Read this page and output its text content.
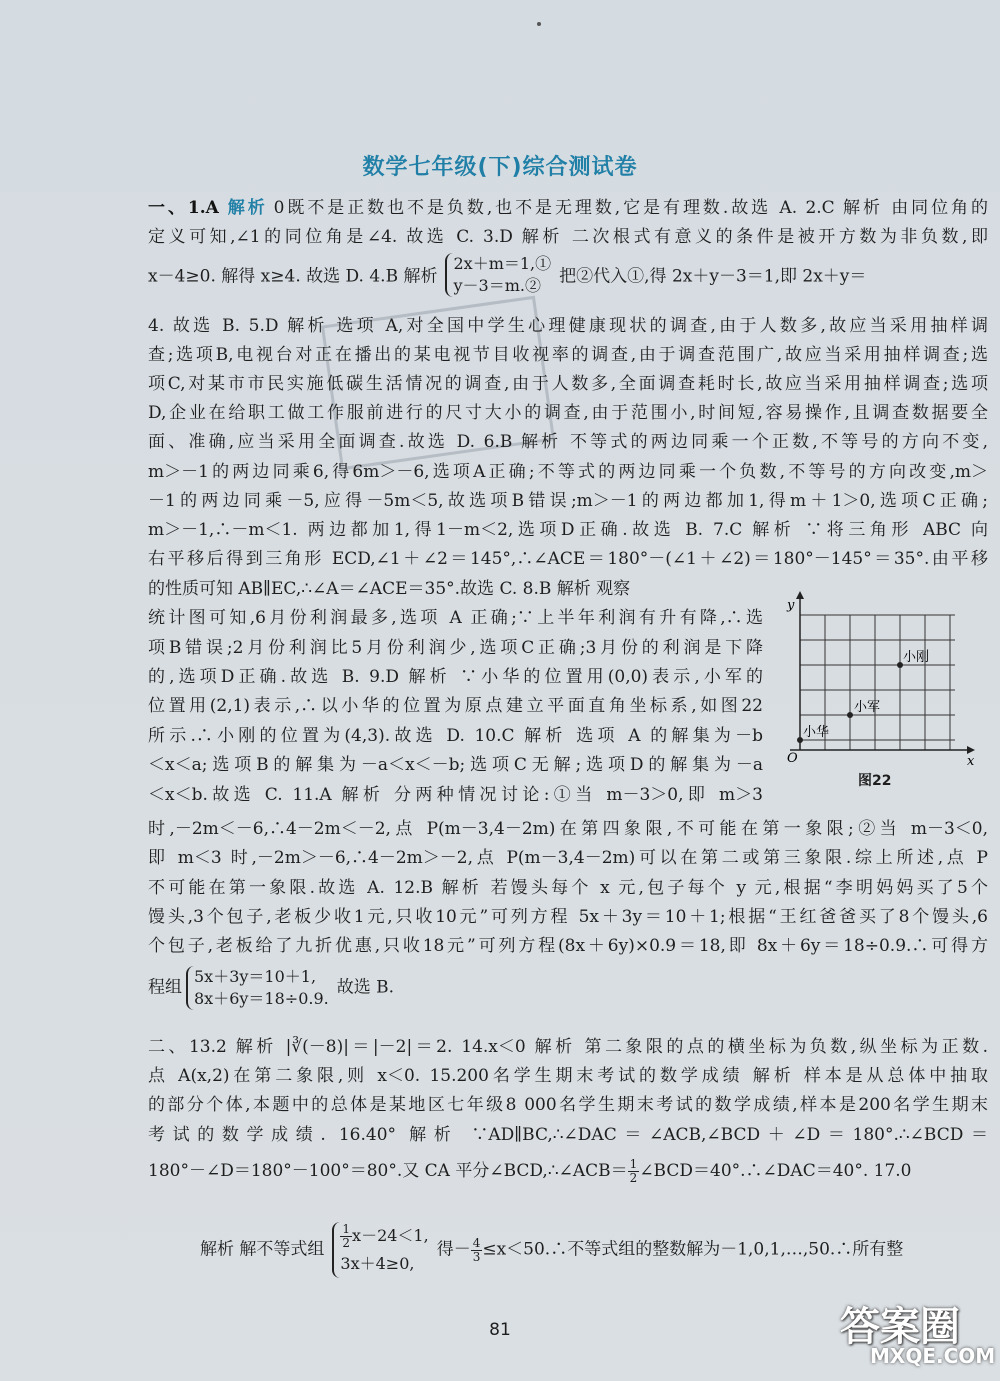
数学七年级(下)综合测试卷
一、1.A 解析 0既不是正数也不是负数,也不是无理数,它是有理数.故选 A. 2.C 解析 由同位角的
定义可知,∠1的同位角是∠4. 故选 C. 3.D 解析 二次根式有意义的条件是被开方数为非负数,即
x－4≥0. 解得 x≥4. 故选 D. 4.B 解析
2x＋m＝1,①
y－3＝m.②	把②代入①,得 2x＋y－3＝1,即 2x＋y＝
4. 故选 B. 5.D 解析 选项 A,对全国中学生心理健康现状的调查,由于人数多,故应当采用抽样调
查;选项B,电视台对正在播出的某电视节目收视率的调查,由于调查范围广,故应当采用抽样调查;选
项C,对某市市民实施低碳生活情况的调查,由于人数多,全面调查耗时长,故应当采用抽样调查;选项
D,企业在给职工做工作服前进行的尺寸大小的调查,由于范围小,时间短,容易操作,且调查数据要全
面、准确,应当采用全面调查.故选 D. 6.B 解析 不等式的两边同乘一个正数,不等号的方向不变,
m＞－1的两边同乘6,得6m＞－6,选项A正确;不等式的两边同乘一个负数,不等号的方向改变,m＞
－1的两边同乘－5,应得－5m＜5,故选项B错误;m＞－1的两边都加1,得m＋1＞0,选项C正确;
m＞－1,∴－m＜1. 两边都加1,得1－m＜2,选项D正确.故选 B. 7.C 解析 ∵将三角形 ABC 向
右平移后得到三角形 ECD,∠1＋∠2＝145°,∴∠ACE＝180°－(∠1＋∠2)＝180°－145°＝35°.由平移
的性质可知 AB∥EC,∴∠A＝∠ACE＝35°.故选 C. 8.B 解析 观察
统计图可知,6月份利润最多,选项 A 正确;∵上半年利润有升有降,∴选
项B错误;2月份利润比5月份利润少,选项C正确;3月份的利润是下降
的,选项D正确.故选 B. 9.D 解析 ∵小华的位置用(0,0)表示,小军的
位置用(2,1)表示,∴以小华的位置为原点建立平面直角坐标系,如图22
所示.∴小刚的位置为(4,3).故选 D. 10.C 解析 选项 A 的解集为－b
＜x＜a;选项B的解集为－a＜x＜－b;选项C无解;选项D的解集为－a
＜x＜b.故选 C. 11.A 解析 分两种情况讨论:①当 m－3＞0,即 m＞3
y
x
O
小刚
小军
小华
图22
时,－2m＜－6,∴4－2m＜－2,点 P(m－3,4－2m)在第四象限,不可能在第一象限;②当 m－3＜0,
即 m＜3 时,－2m＞－6,∴4－2m＞－2,点 P(m－3,4－2m)可以在第二或第三象限.综上所述,点 P
不可能在第一象限.故选 A. 12.B 解析 若馒头每个 x 元,包子每个 y 元,根据“李明妈妈买了5个
馒头,3个包子,老板少收1元,只收10元”可列方程 5x＋3y＝10＋1;根据“王红爸爸买了8个馒头,6
个包子,老板给了九折优惠,只收18元”可列方程(8x＋6y)×0.9＝18,即 8x＋6y＝18÷0.9.∴可得方
程组
5x＋3y＝10＋1,
8x＋6y＝18÷0.9.
故选 B.
二、13.2 解析 |∛(－8)|＝|－2|＝2. 14.x＜0 解析 第二象限的点的横坐标为负数,纵坐标为正数.
点 A(x,2)在第二象限,则 x＜0. 15.200名学生期末考试的数学成绩 解析 样本是从总体中抽取
的部分个体,本题中的总体是某地区七年级8 000名学生期末考试的数学成绩,样本是200名学生期末
考试的数学成绩. 16.40° 解析 ∵AD∥BC,∴∠DAC＝∠ACB,∠BCD＋∠D＝180°.∴∠BCD＝
180°－∠D＝180°－100°＝80°.又 CA 平分∠BCD,∴∠ACB＝ $\frac{1}{2}$ ∠BCD＝40°.∴∠DAC＝40°. 17.0
解析 解不等式组 $\frac{1}{2} x-24<1$,
3x＋4≥0,
得－ $\frac{4}{3}$ ≤x＜50.∴不等式组的整数解为－1,0,1,…,50.∴所有整
81	答案圈
MXQE.COM
